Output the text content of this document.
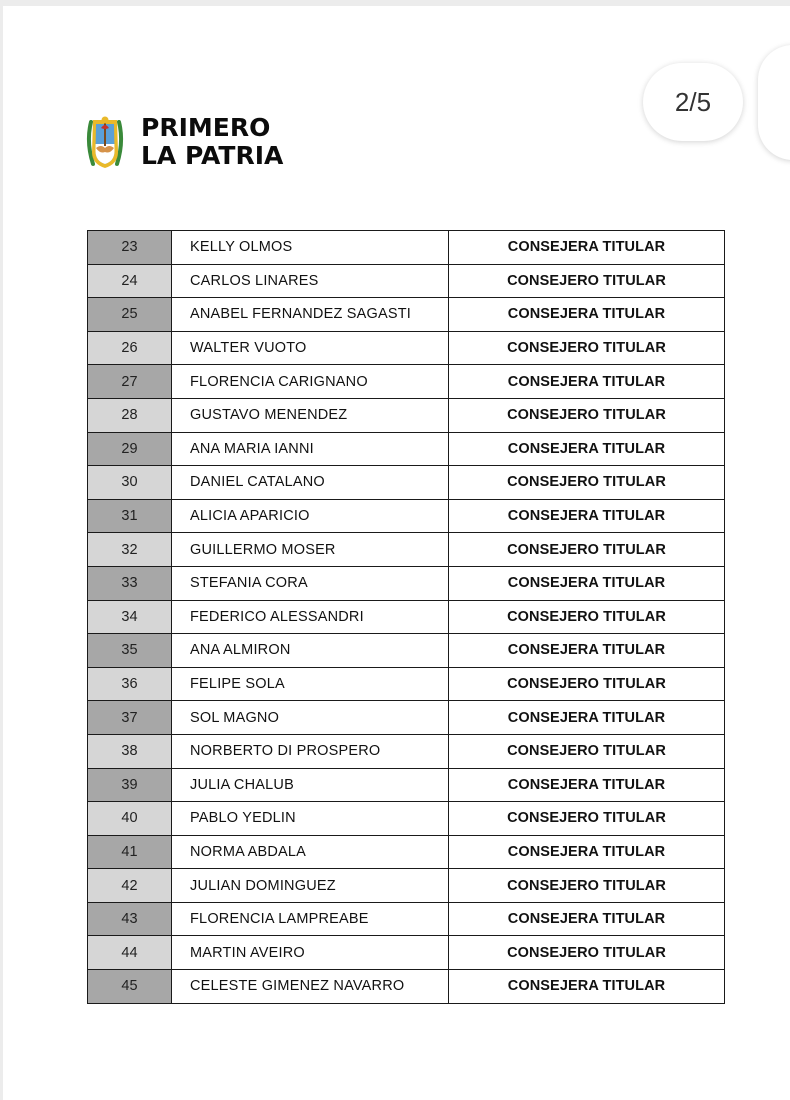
PRIMERO
LA PATRIA
23	KELLY OLMOS	CONSEJERA TITULAR
24	CARLOS LINARES	CONSEJERO TITULAR
25	ANABEL FERNANDEZ SAGASTI	CONSEJERA TITULAR
26	WALTER VUOTO	CONSEJERO TITULAR
27	FLORENCIA CARIGNANO	CONSEJERA TITULAR
28	GUSTAVO MENENDEZ	CONSEJERO TITULAR
29	ANA MARIA IANNI	CONSEJERA TITULAR
30	DANIEL CATALANO	CONSEJERO TITULAR
31	ALICIA APARICIO	CONSEJERA TITULAR
32	GUILLERMO MOSER	CONSEJERO TITULAR
33	STEFANIA CORA	CONSEJERA TITULAR
34	FEDERICO ALESSANDRI	CONSEJERO TITULAR
35	ANA ALMIRON	CONSEJERA TITULAR
36	FELIPE SOLA	CONSEJERO TITULAR
37	SOL MAGNO	CONSEJERA TITULAR
38	NORBERTO DI PROSPERO	CONSEJERO TITULAR
39	JULIA CHALUB	CONSEJERA TITULAR
40	PABLO YEDLIN	CONSEJERO TITULAR
41	NORMA ABDALA	CONSEJERA TITULAR
42	JULIAN DOMINGUEZ	CONSEJERO TITULAR
43	FLORENCIA LAMPREABE	CONSEJERA TITULAR
44	MARTIN AVEIRO	CONSEJERO TITULAR
45	CELESTE GIMENEZ NAVARRO	CONSEJERA TITULAR
2/5
